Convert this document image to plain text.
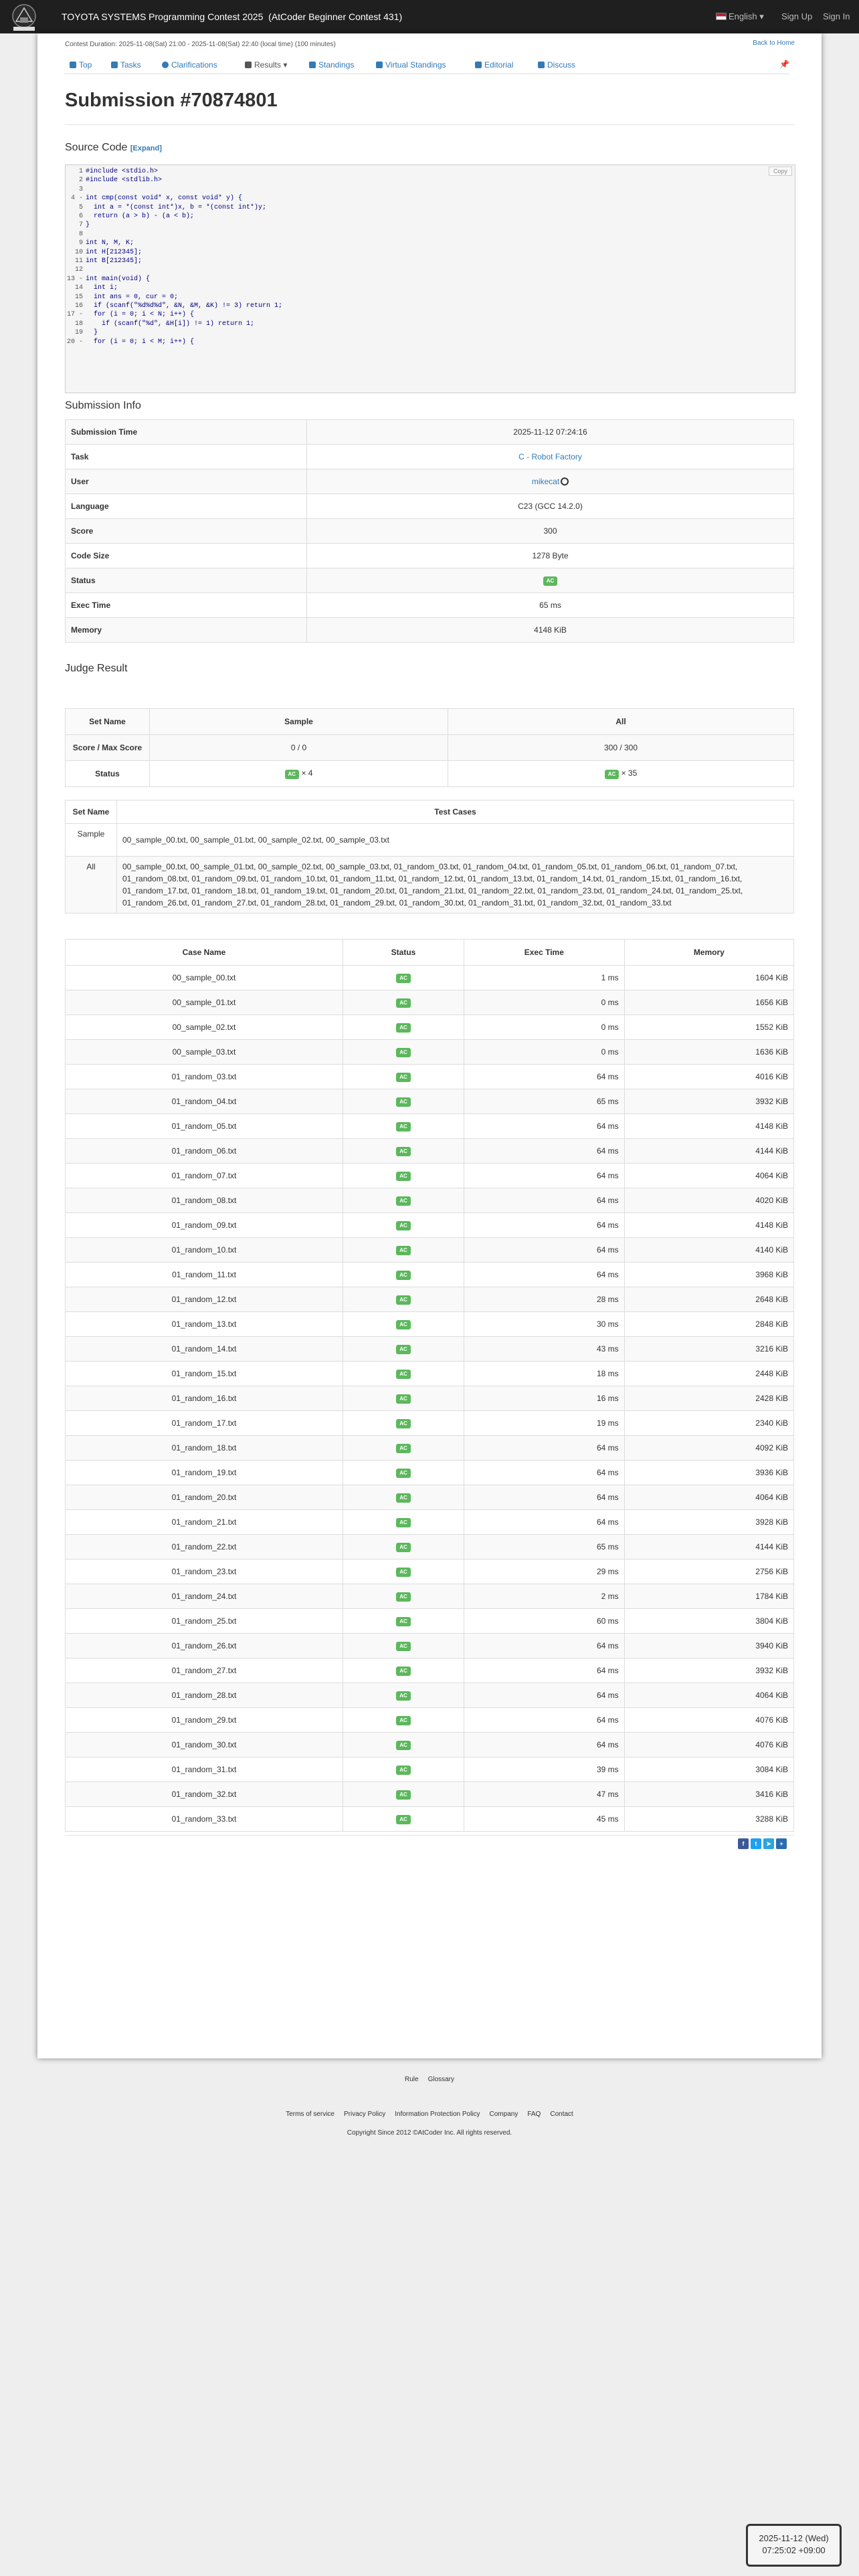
TOYOTA SYSTEMS Programming Contest 2025  (AtCoder Beginner Contest 431)	English ▾ Sign Up Sign In
Contest Duration: 2025-11-08(Sat) 21:00 - 2025-11-08(Sat) 22:40 (local time) (100 minutes)	Back to Home
Top	Tasks	Clarifications	Results ▾	Standings	Virtual Standings	Editorial	Discuss	📌
Submission #70874801
Source Code [Expand]
Copy
1 #include <stdio.h>
2 #include <stdlib.h>
3
4 - int cmp(const void* x, const void* y) {
5  int a = *(const int*)x, b = *(const int*)y;
6  return (a > b) - (a < b);
7 }
8
9 int N, M, K;
10 int H[212345];
11 int B[212345];
12
13 - int main(void) {
14  int i;
15  int ans = 0, cur = 0;
16  if (scanf("%d%d%d", &N, &M, &K) != 3) return 1;
17 -  for (i = 0; i < N; i++) {
18    if (scanf("%d", &H[i]) != 1) return 1;
19  }
20 -  for (i = 0; i < M; i++) {
Submission Info
Submission Time	2025-11-12 07:24:16
Task	C - Robot Factory
User	mikecat
Language	C23 (GCC 14.2.0)
Score	300
Code Size	1278 Byte
Status	AC
Exec Time	65 ms
Memory	4148 KiB
Judge Result
Set Name	Sample	All
Score / Max Score	0 / 0	300 / 300
Status	AC × 4	AC × 35
Set Name	Test Cases
Sample	00_sample_00.txt, 00_sample_01.txt, 00_sample_02.txt, 00_sample_03.txt
All	00_sample_00.txt, 00_sample_01.txt, 00_sample_02.txt, 00_sample_03.txt, 01_random_03.txt, 01_random_04.txt, 01_random_05.txt, 01_random_06.txt, 01_random_07.txt, 01_random_08.txt, 01_random_09.txt, 01_random_10.txt, 01_random_11.txt, 01_random_12.txt, 01_random_13.txt, 01_random_14.txt, 01_random_15.txt, 01_random_16.txt, 01_random_17.txt, 01_random_18.txt, 01_random_19.txt, 01_random_20.txt, 01_random_21.txt, 01_random_22.txt, 01_random_23.txt, 01_random_24.txt, 01_random_25.txt, 01_random_26.txt, 01_random_27.txt, 01_random_28.txt, 01_random_29.txt, 01_random_30.txt, 01_random_31.txt, 01_random_32.txt, 01_random_33.txt
Case Name	Status	Exec Time	Memory
00_sample_00.txt	AC	1 ms	1604 KiB
00_sample_01.txt	AC	0 ms	1656 KiB
00_sample_02.txt	AC	0 ms	1552 KiB
00_sample_03.txt	AC	0 ms	1636 KiB
01_random_03.txt	AC	64 ms	4016 KiB
01_random_04.txt	AC	65 ms	3932 KiB
01_random_05.txt	AC	64 ms	4148 KiB
01_random_06.txt	AC	64 ms	4144 KiB
01_random_07.txt	AC	64 ms	4064 KiB
01_random_08.txt	AC	64 ms	4020 KiB
01_random_09.txt	AC	64 ms	4148 KiB
01_random_10.txt	AC	64 ms	4140 KiB
01_random_11.txt	AC	64 ms	3968 KiB
01_random_12.txt	AC	28 ms	2648 KiB
01_random_13.txt	AC	30 ms	2848 KiB
01_random_14.txt	AC	43 ms	3216 KiB
01_random_15.txt	AC	18 ms	2448 KiB
01_random_16.txt	AC	16 ms	2428 KiB
01_random_17.txt	AC	19 ms	2340 KiB
01_random_18.txt	AC	64 ms	4092 KiB
01_random_19.txt	AC	64 ms	3936 KiB
01_random_20.txt	AC	64 ms	4064 KiB
01_random_21.txt	AC	64 ms	3928 KiB
01_random_22.txt	AC	65 ms	4144 KiB
01_random_23.txt	AC	29 ms	2756 KiB
01_random_24.txt	AC	2 ms	1784 KiB
01_random_25.txt	AC	60 ms	3804 KiB
01_random_26.txt	AC	64 ms	3940 KiB
01_random_27.txt	AC	64 ms	3932 KiB
01_random_28.txt	AC	64 ms	4064 KiB
01_random_29.txt	AC	64 ms	4076 KiB
01_random_30.txt	AC	64 ms	4076 KiB
01_random_31.txt	AC	39 ms	3084 KiB
01_random_32.txt	AC	47 ms	3416 KiB
01_random_33.txt	AC	45 ms	3288 KiB
f t ➤ +
Rule Glossary
Terms of service Privacy Policy Information Protection Policy Company FAQ Contact
Copyright Since 2012 ©AtCoder Inc. All rights reserved.
2025-11-12 (Wed)
07:25:02 +09:00
